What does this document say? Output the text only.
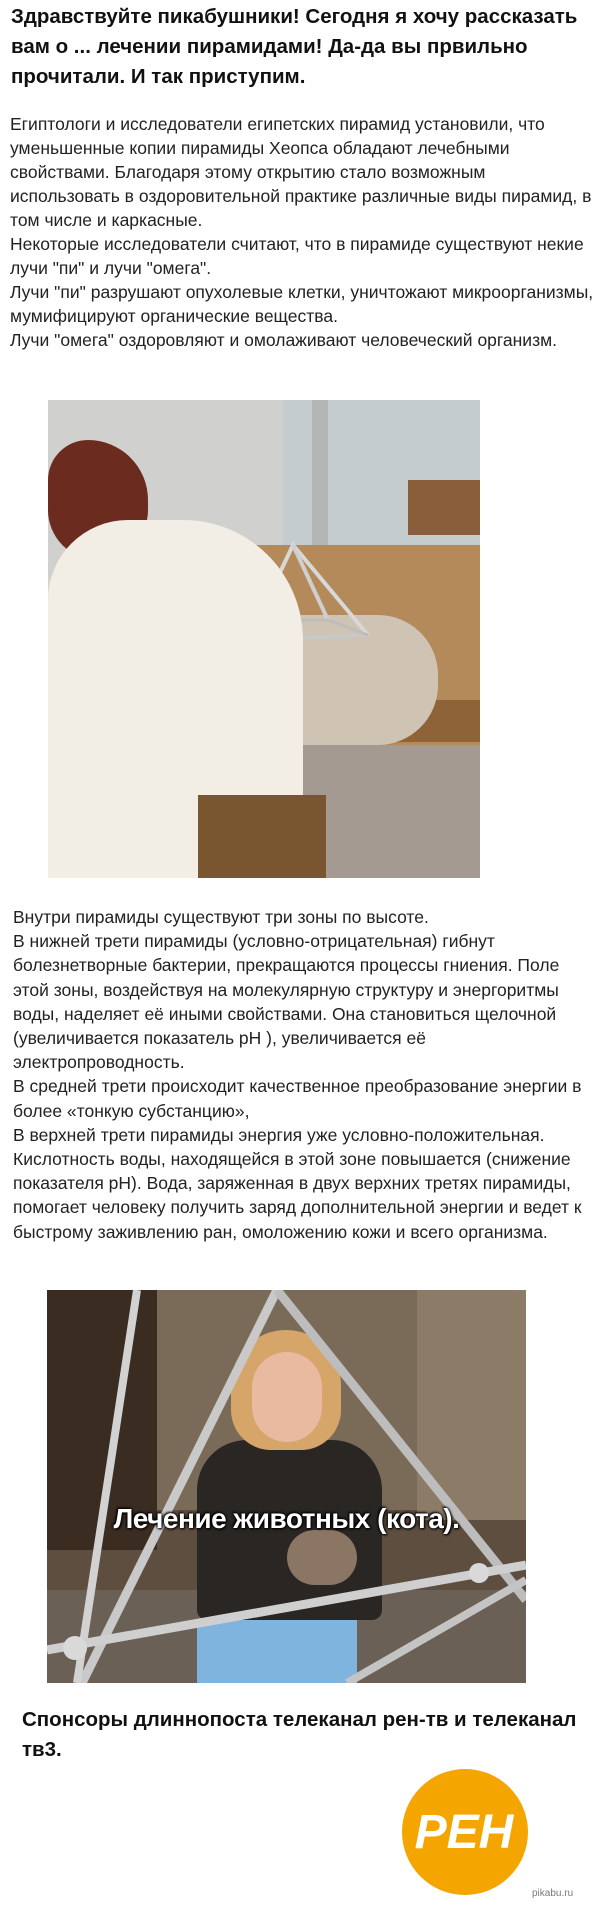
Здравствуйте пикабушники! Сегодня я хочу рассказать вам о ... лечении пирамидами! Да-да вы првильно прочитали. И так приступим.

Египтологи и исследователи египетских пирамид установили, что уменьшенные копии пирамиды Хеопса обладают лечебными свойствами. Благодаря этому открытию стало возможным использовать в оздоровительной практике различные виды пирамид, в том числе и каркасные.

Некоторые исследователи считают, что в пирамиде существуют некие лучи "пи" и лучи "омега".

Лучи "пи" разрушают опухолевые клетки, уничтожают микроорганизмы, мумифицируют органические вещества.

Лучи "омега" оздоровляют и омолаживают человеческий организм.

Внутри пирамиды существуют три зоны по высоте.

В нижней трети пирамиды (условно-отрицательная) гибнут болезнетворные бактерии, прекращаются процессы гниения. Поле этой зоны, воздействуя на молекулярную структуру и энергоритмы воды, наделяет её иными свойствами. Она становиться щелочной (увеличивается показатель рН ), увеличивается её электропроводность.

В средней трети происходит качественное преобразование энергии в более «тонкую субстанцию»,

В верхней трети пирамиды энергия уже условно-положительная. Кислотность воды, находящейся в этой зоне повышается (снижение показателя рН). Вода, заряженная в двух верхних третях пирамиды, помогает человеку получить заряд дополнительной энергии и ведет к быстрому заживлению ран, омоложению кожи и всего организма.

Лечение животных (кота).
Спонсоры длиннопоста телеканал рен-тв и телеканал тв3.
РЕН
pikabu.ru
